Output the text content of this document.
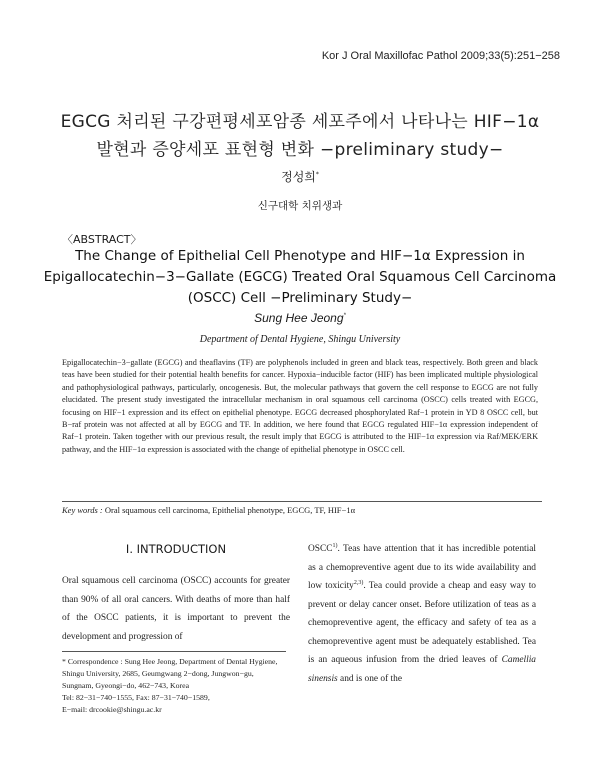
Kor J Oral Maxillofac Pathol 2009;33(5):251−258
EGCG 처리된 구강편평세포암종 세포주에서 나타나는 HIF−1α
발현과 증양세포 표현형 변화 −preliminary study−
정성희*
신구대학 치위생과
〈ABSTRACT〉
The Change of Epithelial Cell Phenotype and HIF−1α Expression in
Epigallocatechin−3−Gallate (EGCG) Treated Oral Squamous Cell Carcinoma
(OSCC) Cell −Preliminary Study−
Sung Hee Jeong*
Department of Dental Hygiene, Shingu University
Epigallocatechin−3−gallate (EGCG) and theaflavins (TF) are polyphenols included in green and black teas, respectively. Both green and black teas have been studied for their potential health benefits for cancer. Hypoxia−inducible factor (HIF) has been implicated multiple physiological and pathophysiological pathways, particularly, oncogenesis. But, the molecular pathways that govern the cell response to EGCG are not fully elucidated. The present study investigated the intracellular mechanism in oral squamous cell carcinoma (OSCC) cells treated with EGCG, focusing on HIF−1 expression and its effect on epithelial phenotype. EGCG decreased phosphorylated Raf−1 protein in YD 8 OSCC cell, but B−raf protein was not affected at all by EGCG and TF. In addition, we here found that EGCG regulated HIF−1α expression independent of Raf−1 protein. Taken together with our previous result, the result imply that EGCG is attributed to the HIF−1α expression via Raf/MEK/ERK pathway, and the HIF−1α expression is associated with the change of epithelial phenotype in OSCC cell.
Key words : Oral squamous cell carcinoma, Epithelial phenotype, EGCG, TF, HIF−1α
I. INTRODUCTION
Oral squamous cell carcinoma (OSCC) accounts for greater than 90% of all oral cancers. With deaths of more than half of the OSCC patients, it is important to prevent the development and progression of
OSCC$^{1)}$. Teas have attention that it has incredible potential as a chemopreventive agent due to its wide availability and low toxicity$^{2,3)}$. Tea could provide a cheap and easy way to prevent or delay cancer onset. Before utilization of teas as a chemopreventive agent, the efficacy and safety of tea as a chemopreventive agent must be adequately established. Tea is an aqueous infusion from the dried leaves of Camellia sinensis and is one of the
* Correspondence : Sung Hee Jeong, Department of Dental Hygiene, Shingu University, 2685, Geumgwang 2−dong, Jungwon−gu, Sungnam, Gyeongi−do, 462−743, Korea
Tel: 82−31−740−1555, Fax: 87−31−740−1589,
E−mail: drcookie@shingu.ac.kr
